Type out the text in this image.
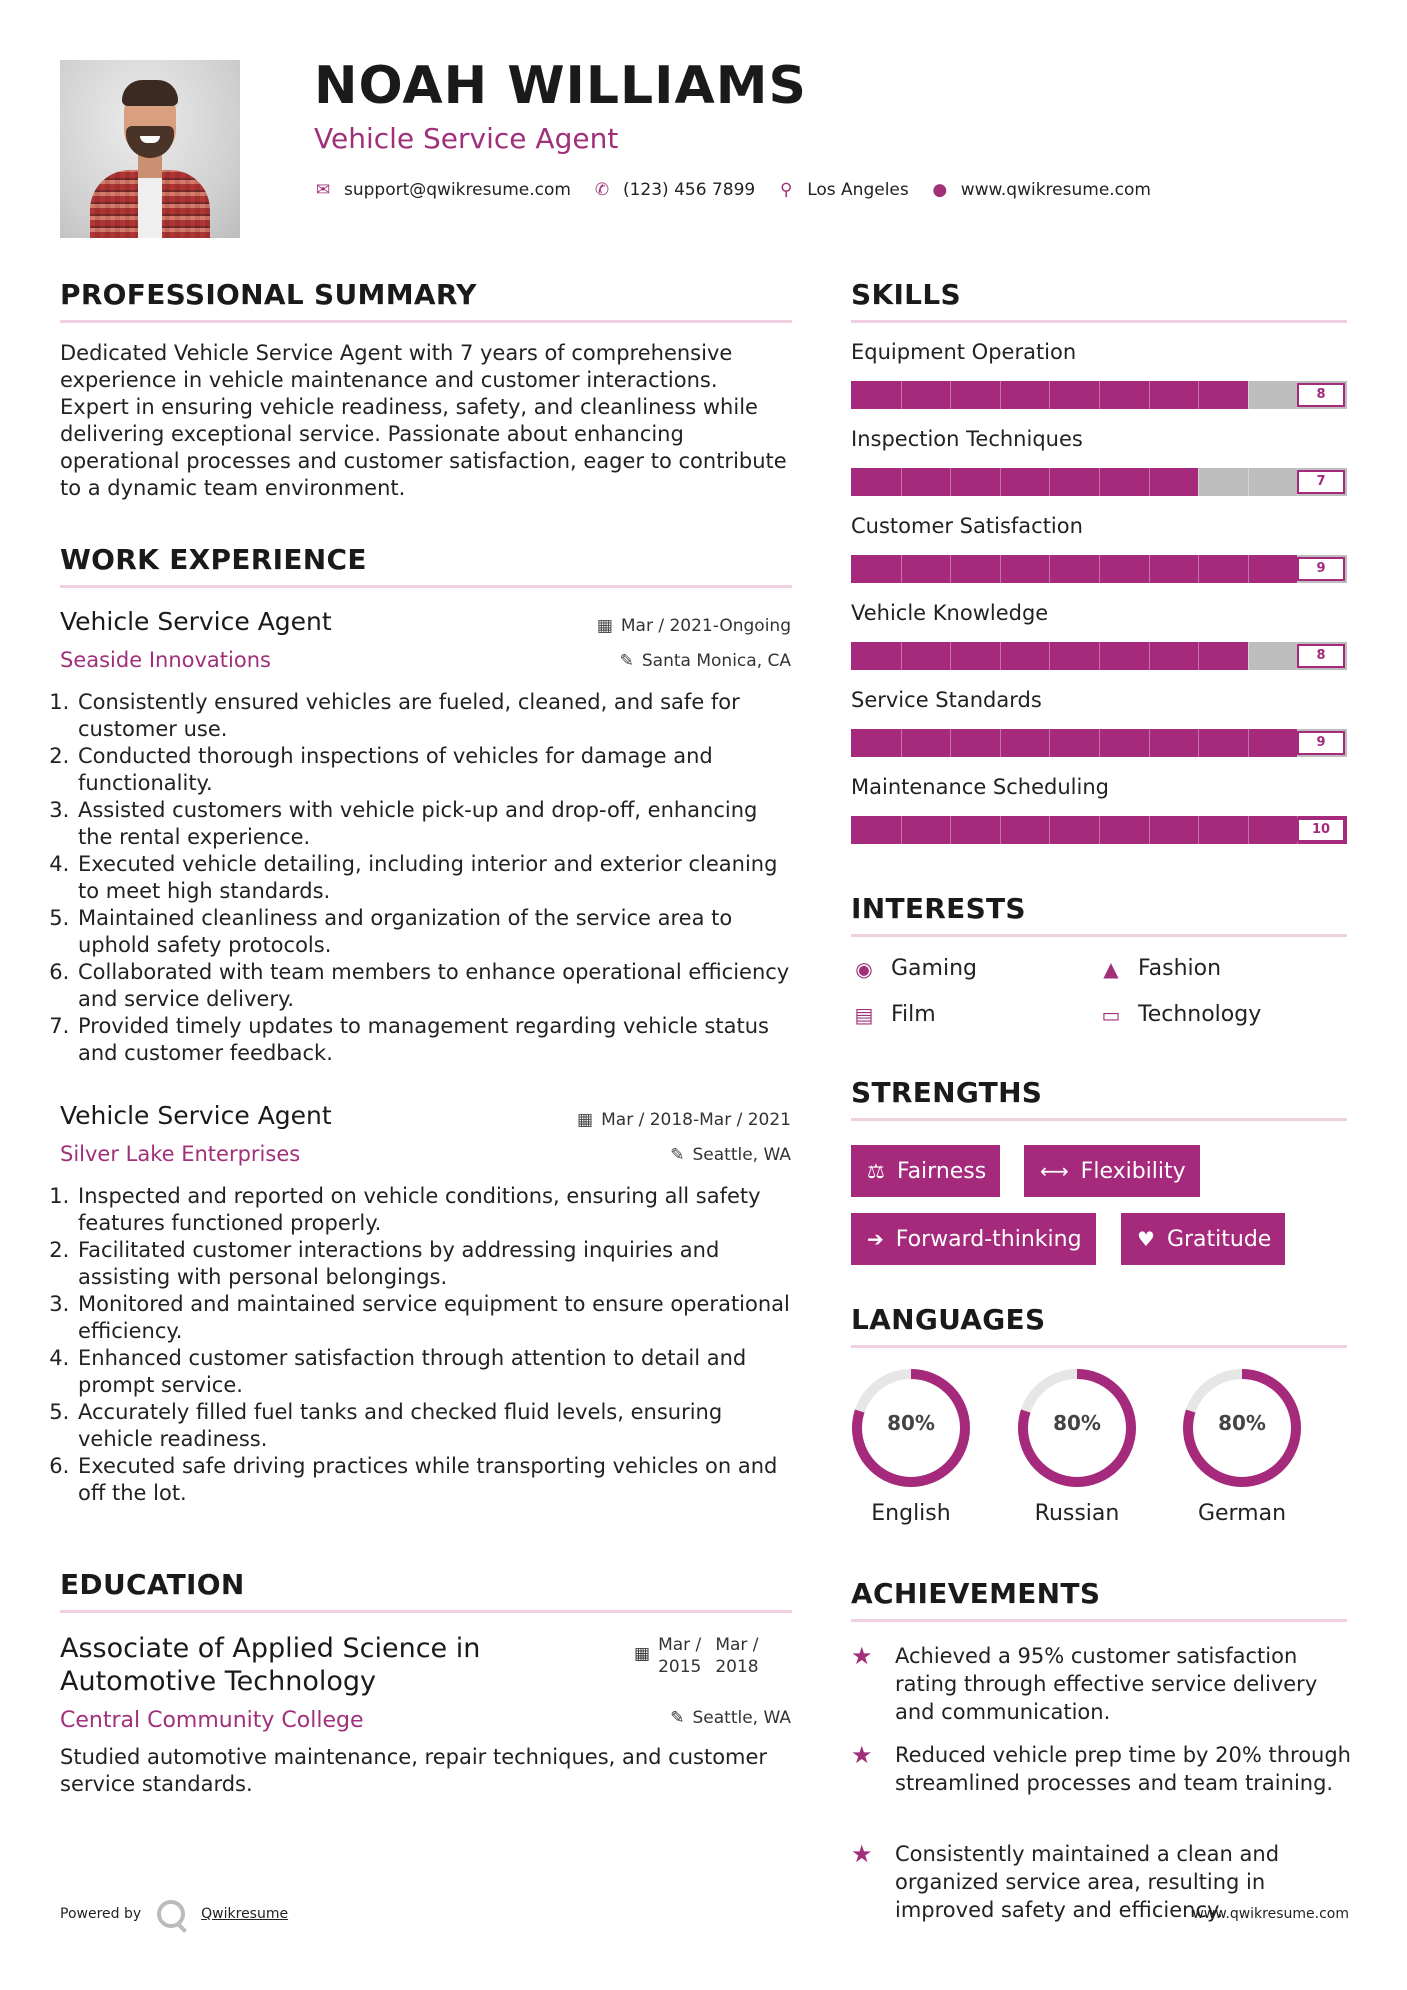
NOAH WILLIAMS
Vehicle Service Agent
✉ support@qwikresume.com ✆ (123) 456 7899 ⚲ Los Angeles ● www.qwikresume.com
PROFESSIONAL SUMMARY
Dedicated Vehicle Service Agent with 7 years of comprehensive experience in vehicle maintenance and customer interactions. Expert in ensuring vehicle readiness, safety, and cleanliness while delivering exceptional service. Passionate about enhancing operational processes and customer satisfaction, eager to contribute to a dynamic team environment.
WORK EXPERIENCE
Vehicle Service Agent	▦ Mar / 2021-Ongoing
Seaside Innovations	✎ Santa Monica, CA
1. Consistently ensured vehicles are fueled, cleaned, and safe for customer use.
2. Conducted thorough inspections of vehicles for damage and functionality.
3. Assisted customers with vehicle pick-up and drop-off, enhancing the rental experience.
4. Executed vehicle detailing, including interior and exterior cleaning to meet high standards.
5. Maintained cleanliness and organization of the service area to uphold safety protocols.
6. Collaborated with team members to enhance operational efficiency and service delivery.
7. Provided timely updates to management regarding vehicle status and customer feedback.
Vehicle Service Agent	▦ Mar / 2018-Mar / 2021
Silver Lake Enterprises	✎ Seattle, WA
1. Inspected and reported on vehicle conditions, ensuring all safety features functioned properly.
2. Facilitated customer interactions by addressing inquiries and assisting with personal belongings.
3. Monitored and maintained service equipment to ensure operational efficiency.
4. Enhanced customer satisfaction through attention to detail and prompt service.
5. Accurately filled fuel tanks and checked fluid levels, ensuring vehicle readiness.
6. Executed safe driving practices while transporting vehicles on and off the lot.
EDUCATION
Associate of Applied Science in Automotive Technology
▦ Mar /
2015
Mar /
2018
Central Community College	✎ Seattle, WA
Studied automotive maintenance, repair techniques, and customer service standards.
SKILLS
Equipment Operation
8
Inspection Techniques
7
Customer Satisfaction
9
Vehicle Knowledge
8
Service Standards
9
Maintenance Scheduling
10
INTERESTS
◉ Gaming	▲ Fashion
▤ Film	▭ Technology
STRENGTHS
⚖ Fairness	⟷ Flexibility
➔ Forward-thinking	♥ Gratitude
LANGUAGES
80%
English
80%
Russian
80%
German
ACHIEVEMENTS
★	Achieved a 95% customer satisfaction rating through effective service delivery and communication.
★	Reduced vehicle prep time by 20% through streamlined processes and team training.
★	Consistently maintained a clean and organized service area, resulting in improved safety and efficiency.
Powered by	Qwikresume	www.qwikresume.com
